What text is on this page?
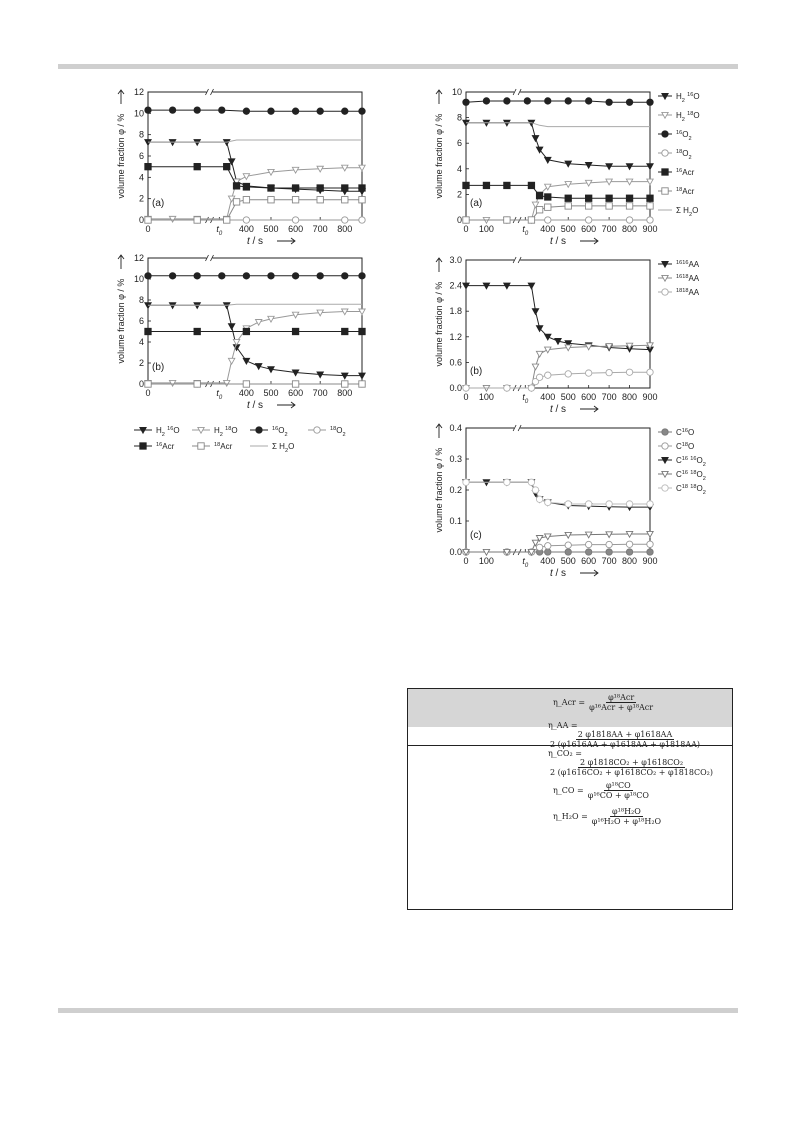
0
2
4
6
8
10
12
0	$t_0$ 400 500 600 700 800
t / s
volume fraction φ / %
(a)
0
2
4
6
8
10
12
0	$t_0$ 400 500 600 700 800
t / s
volume fraction φ / %
(b)
$H_2$ $^{16}$O	$H_2$ $^{18}$O	$^{16}O_2$
$^{18}O_2$
$^{16}$Acr	$^{18}$Acr	Σ $H_2O$
0
2
4
6
8
10
0 100	$t_0$ 400 500 600 700 800 900
t / s
volume fraction φ / %
(a)
$H_2$ $^{16}$O
$H_2$ $^{18}$O
$^{16}O_2$
$^{18}O_2$
$^{16}$Acr
$^{18}$Acr
Σ $H_2O$
0.0
0.6
1.2
1.8
2.4
3.0
0 100	$t_0$ 400 500 600 700 800 900
t / s
volume fraction φ / %
(b)
$^{1616}$AA
$^{1618}$AA
$^{1818}$AA
0.0
0.1
0.2
0.3
0.4
0 100	$t_0$ 400 500 600 700 800 900
t / s
volume fraction φ / %
(c)
$C^{16}O$
$C^{18}O$
$C^{16}$ $^{16}O_2$
$C^{16}$ $^{18}O_2$
$C^{18}$ $^{18}O_2$
η_Acr = $\frac{\text{φ¹⁸Acr}}{\text{φ¹⁶Acr + φ¹⁸Acr}}$
η_AA =
$\frac{2 \varphi 1818AA + \varphi 1618AA}{2 (\varphi 1616AA + \varphi 1618AA + \varphi 1818AA)}$
η_CO₂ =
$\frac{\text{2 φ1818CO₂ + φ1618CO₂}}{\text{2 (φ1616CO₂ + φ1618CO₂ + φ1818CO₂)}}$
η_CO = $\frac{\text{φ¹⁸CO}}{\text{φ¹⁶CO + φ¹⁸CO}}$
η_H₂O = $\frac{\text{φ¹⁸H₂O}}{\text{φ¹⁶H₂O + φ¹⁸H₂O}}$
